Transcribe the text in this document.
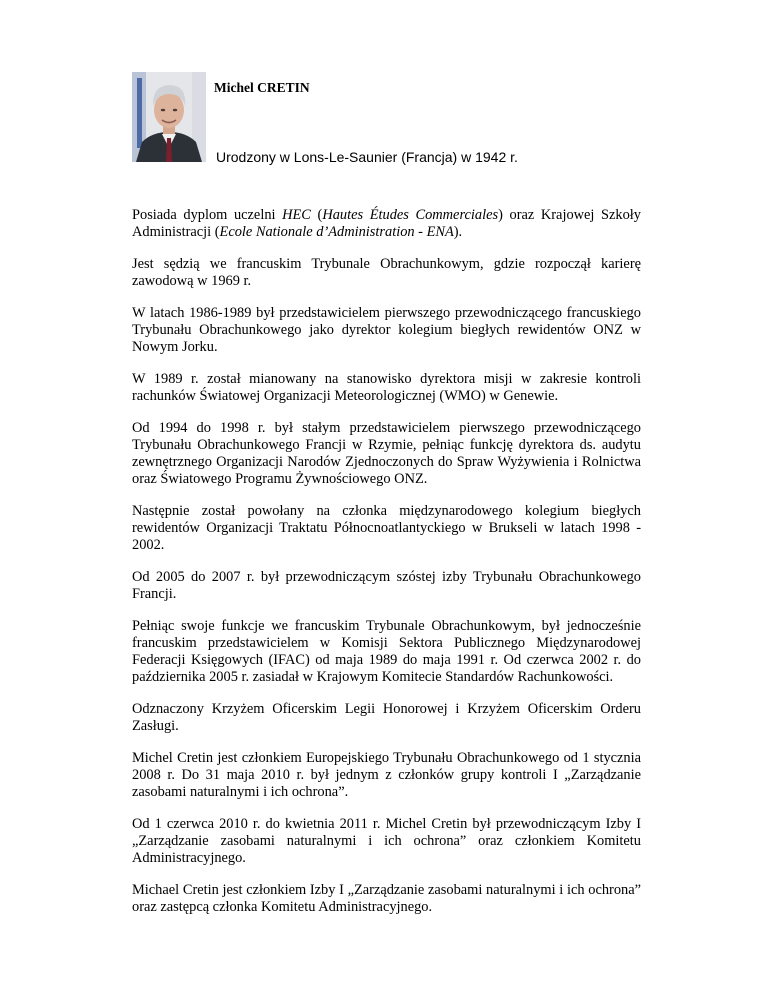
Michel CRETIN
Urodzony w Lons-Le-Saunier (Francja) w 1942 r.

Posiada dyplom uczelni HEC (Hautes Études Commerciales) oraz Krajowej Szkoły Administracji (Ecole Nationale d’Administration - ENA).

Jest sędzią we francuskim Trybunale Obrachunkowym, gdzie rozpoczął karierę zawodową w 1969 r.

W latach 1986-1989 był przedstawicielem pierwszego przewodniczącego francuskiego Trybunału Obrachunkowego jako dyrektor kolegium biegłych rewidentów ONZ w Nowym Jorku.

W 1989 r. został mianowany na stanowisko dyrektora misji w zakresie kontroli rachunków Światowej Organizacji Meteorologicznej (WMO) w Genewie.

Od 1994 do 1998 r. był stałym przedstawicielem pierwszego przewodniczącego Trybunału Obrachunkowego Francji w Rzymie, pełniąc funkcję dyrektora ds. audytu zewnętrznego Organizacji Narodów Zjednoczonych do Spraw Wyżywienia i Rolnictwa oraz Światowego Programu Żywnościowego ONZ.

Następnie został powołany na członka międzynarodowego kolegium biegłych rewidentów Organizacji Traktatu Północnoatlantyckiego w Brukseli w latach 1998 - 2002.

Od 2005 do 2007 r. był przewodniczącym szóstej izby Trybunału Obrachunkowego Francji.

Pełniąc swoje funkcje we francuskim Trybunale Obrachunkowym, był jednocześnie francuskim przedstawicielem w Komisji Sektora Publicznego Międzynarodowej Federacji Księgowych (IFAC) od maja 1989 do maja 1991 r. Od czerwca 2002 r. do października 2005 r. zasiadał w Krajowym Komitecie Standardów Rachunkowości.

Odznaczony Krzyżem Oficerskim Legii Honorowej i Krzyżem Oficerskim Orderu Zasługi.

Michel Cretin jest członkiem Europejskiego Trybunału Obrachunkowego od 1 stycznia 2008 r. Do 31 maja 2010 r. był jednym z członków grupy kontroli I „Zarządzanie zasobami naturalnymi i ich ochrona”.

Od 1 czerwca 2010 r. do kwietnia 2011 r. Michel Cretin był przewodniczącym Izby I „Zarządzanie zasobami naturalnymi i ich ochrona” oraz członkiem Komitetu Administracyjnego.

Michael Cretin jest członkiem Izby I „Zarządzanie zasobami naturalnymi i ich ochrona” oraz zastępcą członka Komitetu Administracyjnego.
